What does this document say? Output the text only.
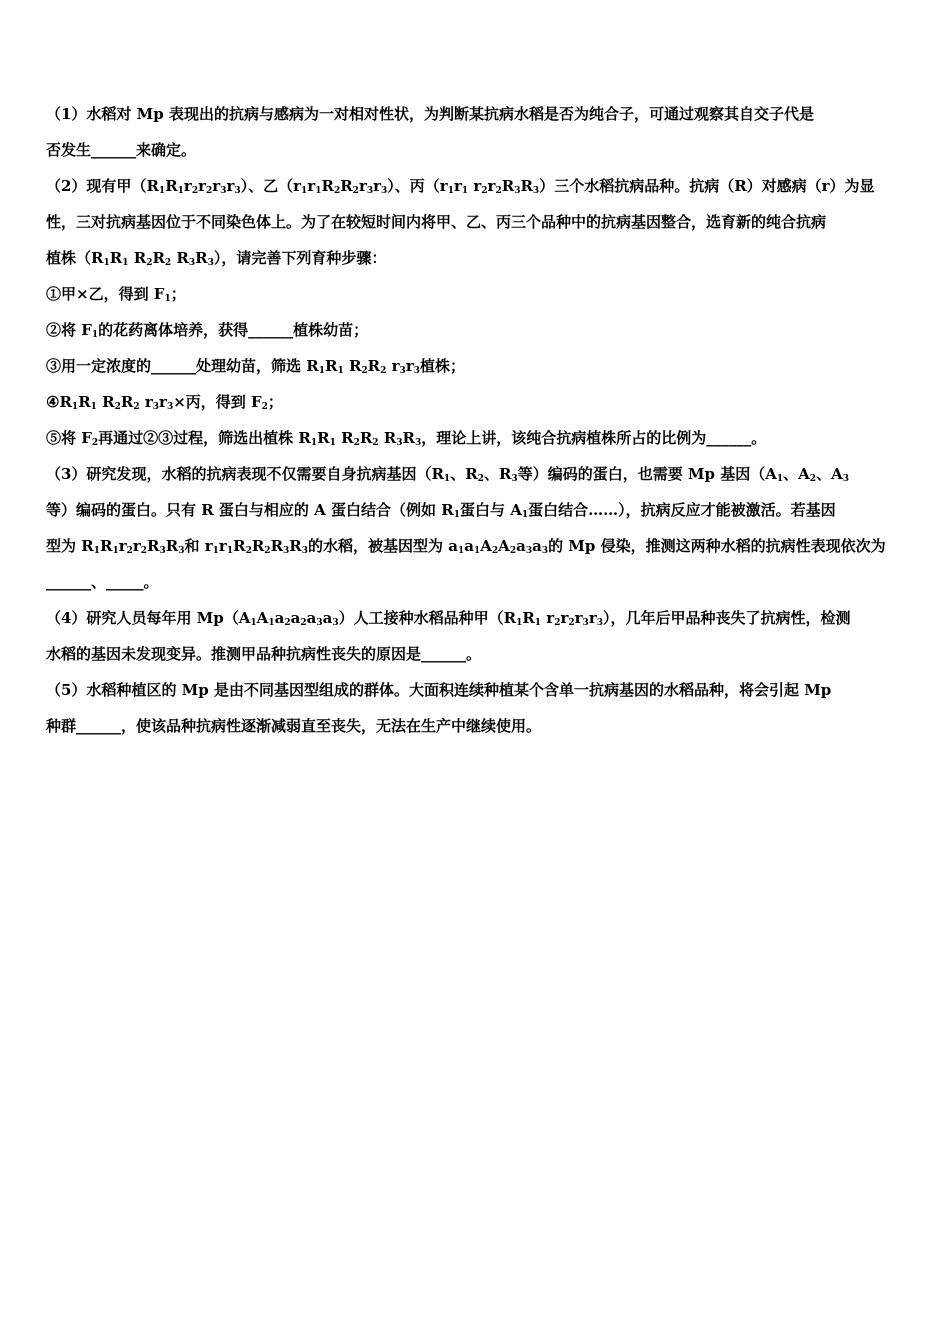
（1）水稻对 Mp 表现出的抗病与感病为一对相对性状，为判断某抗病水稻是否为纯合子，可通过观察其自交子代是
否发生______来确定。
（2）现有甲$(R_1R_1r_2r_2r_3r_3)$、乙$(r_1r_1R_2R_2r_3r_3)$、丙（$r_1r_1$ $r_2r_2R_3R_3$）三个水稻抗病品种。抗病（R）对感病（r）为显
性，三对抗病基因位于不同染色体上。为了在较短时间内将甲、乙、丙三个品种中的抗病基因整合，选育新的纯合抗病
植株（$R_1R_1$ $R_2R_2$ $R_3R_3$），请完善下列育种步骤：
①甲×乙，得到 $F_1$；
②将 $F_1$的花药离体培养，获得______植株幼苗；
③用一定浓度的______处理幼苗，筛选 $R_1R_1$ $R_2R_2$ $r_3r_3$植株；
$④R_1R_1$ $R_2R_2$ $r_3r_3\times$丙，得到 $F_2$；
⑤将 $F_2$再通过②③过程，筛选出植株 $R_1R_1$ $R_2R_2$ $R_3R_3$，理论上讲，该纯合抗病植株所占的比例为______。
（3）研究发现，水稻的抗病表现不仅需要自身抗病基因（$R_1$、$R_2$、$R_3$等）编码的蛋白，也需要 Mp 基因（$A_1$、$A_2$、$A_3$
等）编码的蛋白。只有 R 蛋白与相应的 A 蛋白结合（例如 $R_1$蛋白与 $A_1$蛋白结合……），抗病反应才能被激活。若基因
型为 $R_1R_1r_2r_2R_3R_3$和 $r_1r_1R_2R_2R_3R_3$的水稻，被基因型为 $a_1a_1A_2A_2a_3a_3$的 Mp 侵染，推测这两种水稻的抗病性表现依次为
______、_____。
（4）研究人员每年用 $Mp(A_1A_1a_2a_2a_3a_3)$人工接种水稻品种甲（$R_1R_1$ $r_2r_2r_3r_3$），几年后甲品种丧失了抗病性，检测
水稻的基因未发现变异。推测甲品种抗病性丧失的原因是______。
（5）水稻种植区的 Mp 是由不同基因型组成的群体。大面积连续种植某个含单一抗病基因的水稻品种，将会引起 Mp
种群______，使该品种抗病性逐渐减弱直至丧失，无法在生产中继续使用。
